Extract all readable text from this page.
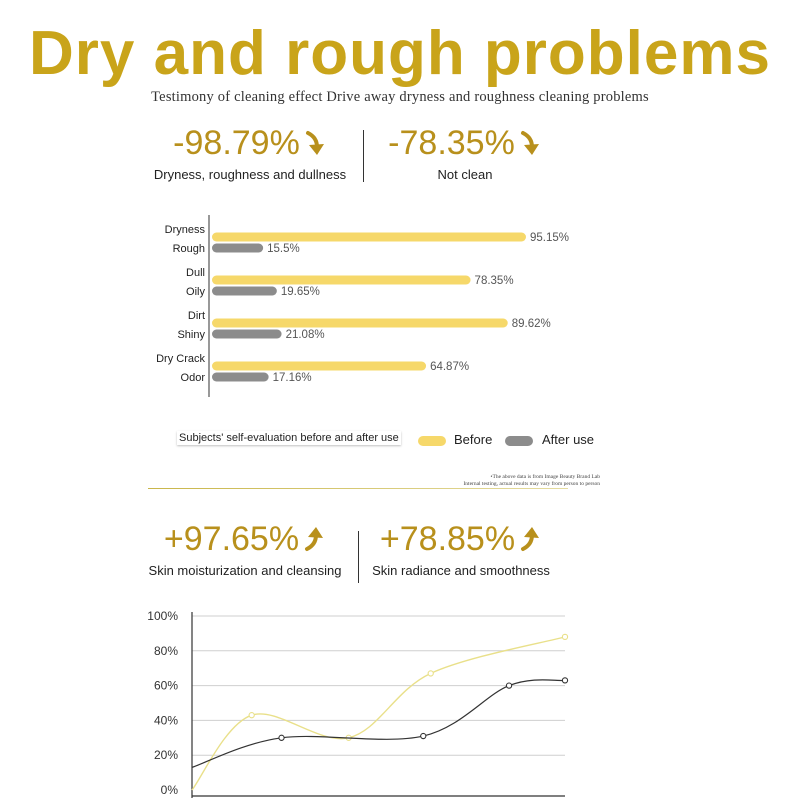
Dry and rough problems
Testimony of cleaning effect Drive away dryness and roughness cleaning problems
-98.79%
Dryness, roughness and dullness
-78.35%
Not clean
Dryness
Rough
95.15%
15.5%
Dull
Oily
78.35%
19.65%
Dirt
Shiny
89.62%
21.08%
Dry Crack
Odor
64.87%
17.16%
Subjects' self-evaluation before and after use	Before	After use
•The above data is from Image Beauty Brand Lab
Internal testing, actual results may vary from person to person
+97.65%
Skin moisturization and cleansing
+78.85%
Skin radiance and smoothness
0%
20%
40%
60%
80%
100%
